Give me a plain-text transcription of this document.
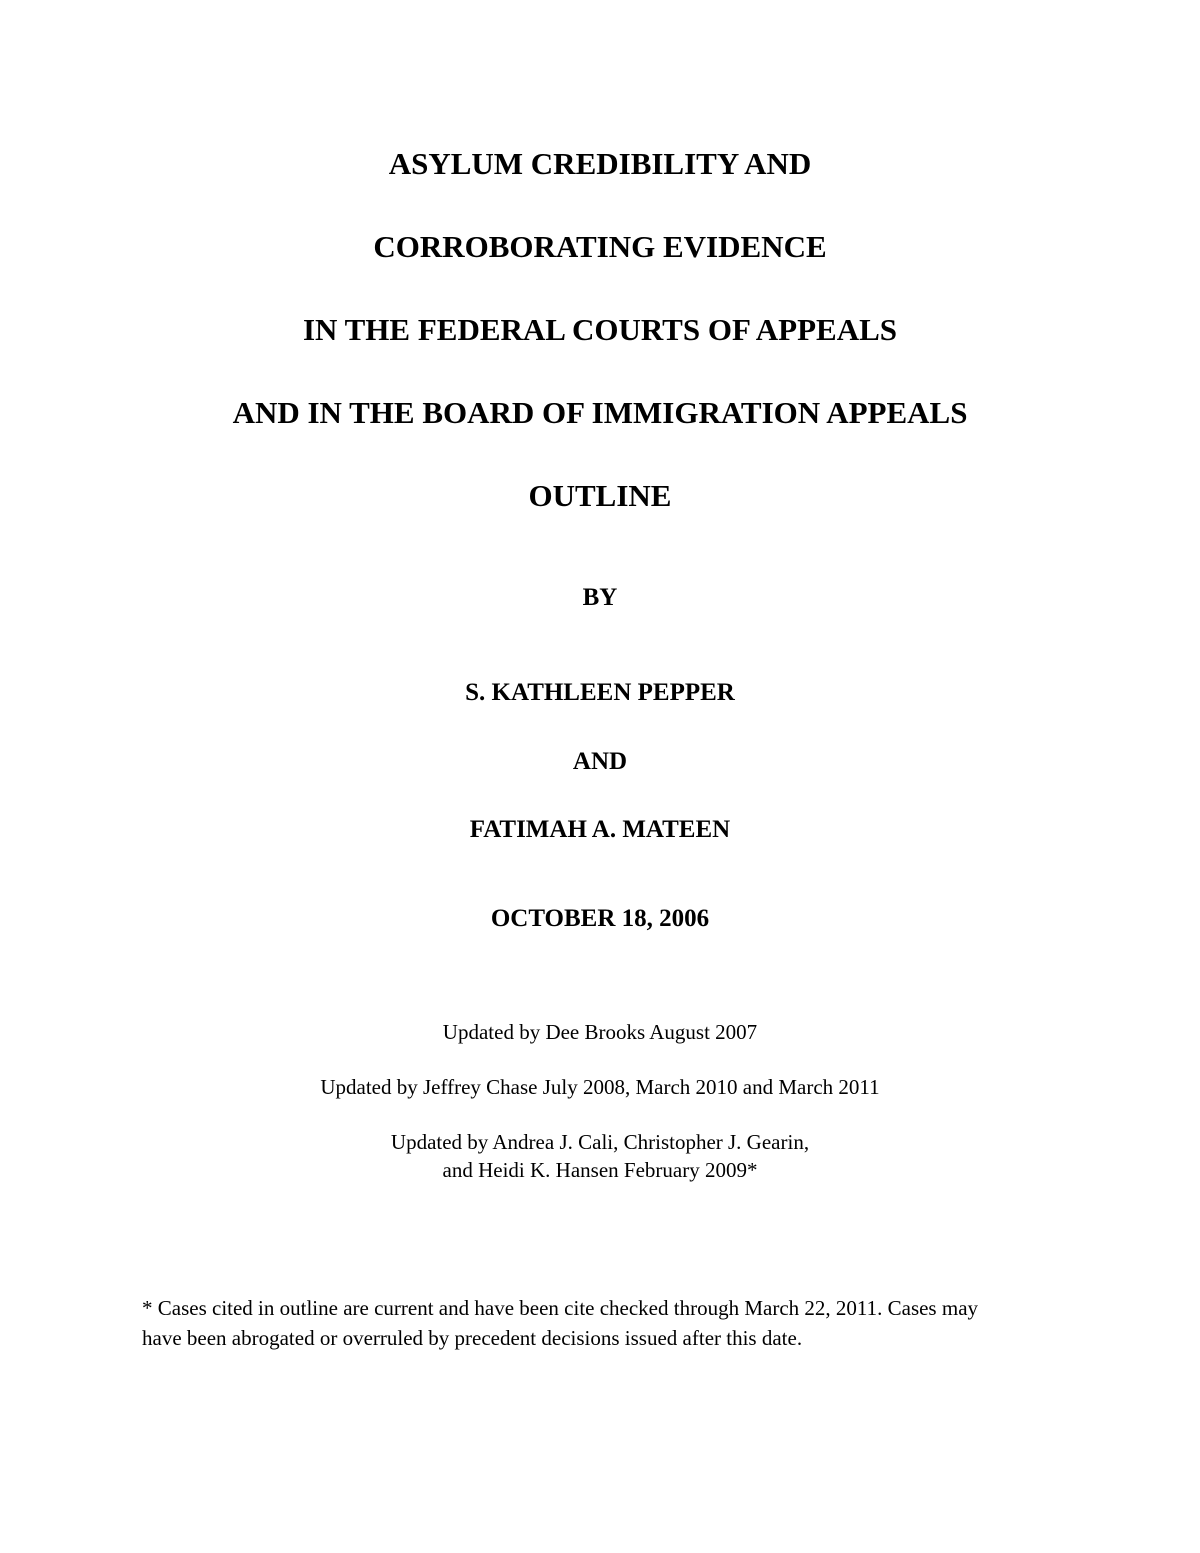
ASYLUM CREDIBILITY AND
CORROBORATING EVIDENCE
IN THE FEDERAL COURTS OF APPEALS
AND IN THE BOARD OF IMMIGRATION APPEALS
OUTLINE
BY
S. KATHLEEN PEPPER
AND
FATIMAH A. MATEEN
OCTOBER 18, 2006
Updated by Dee Brooks August 2007
Updated by Jeffrey Chase July 2008, March 2010 and March 2011
Updated by Andrea J. Cali, Christopher J. Gearin,
and Heidi K. Hansen February 2009*
* Cases cited in outline are current and have been cite checked through March 22, 2011. Cases may
have been abrogated or overruled by precedent decisions issued after this date.
